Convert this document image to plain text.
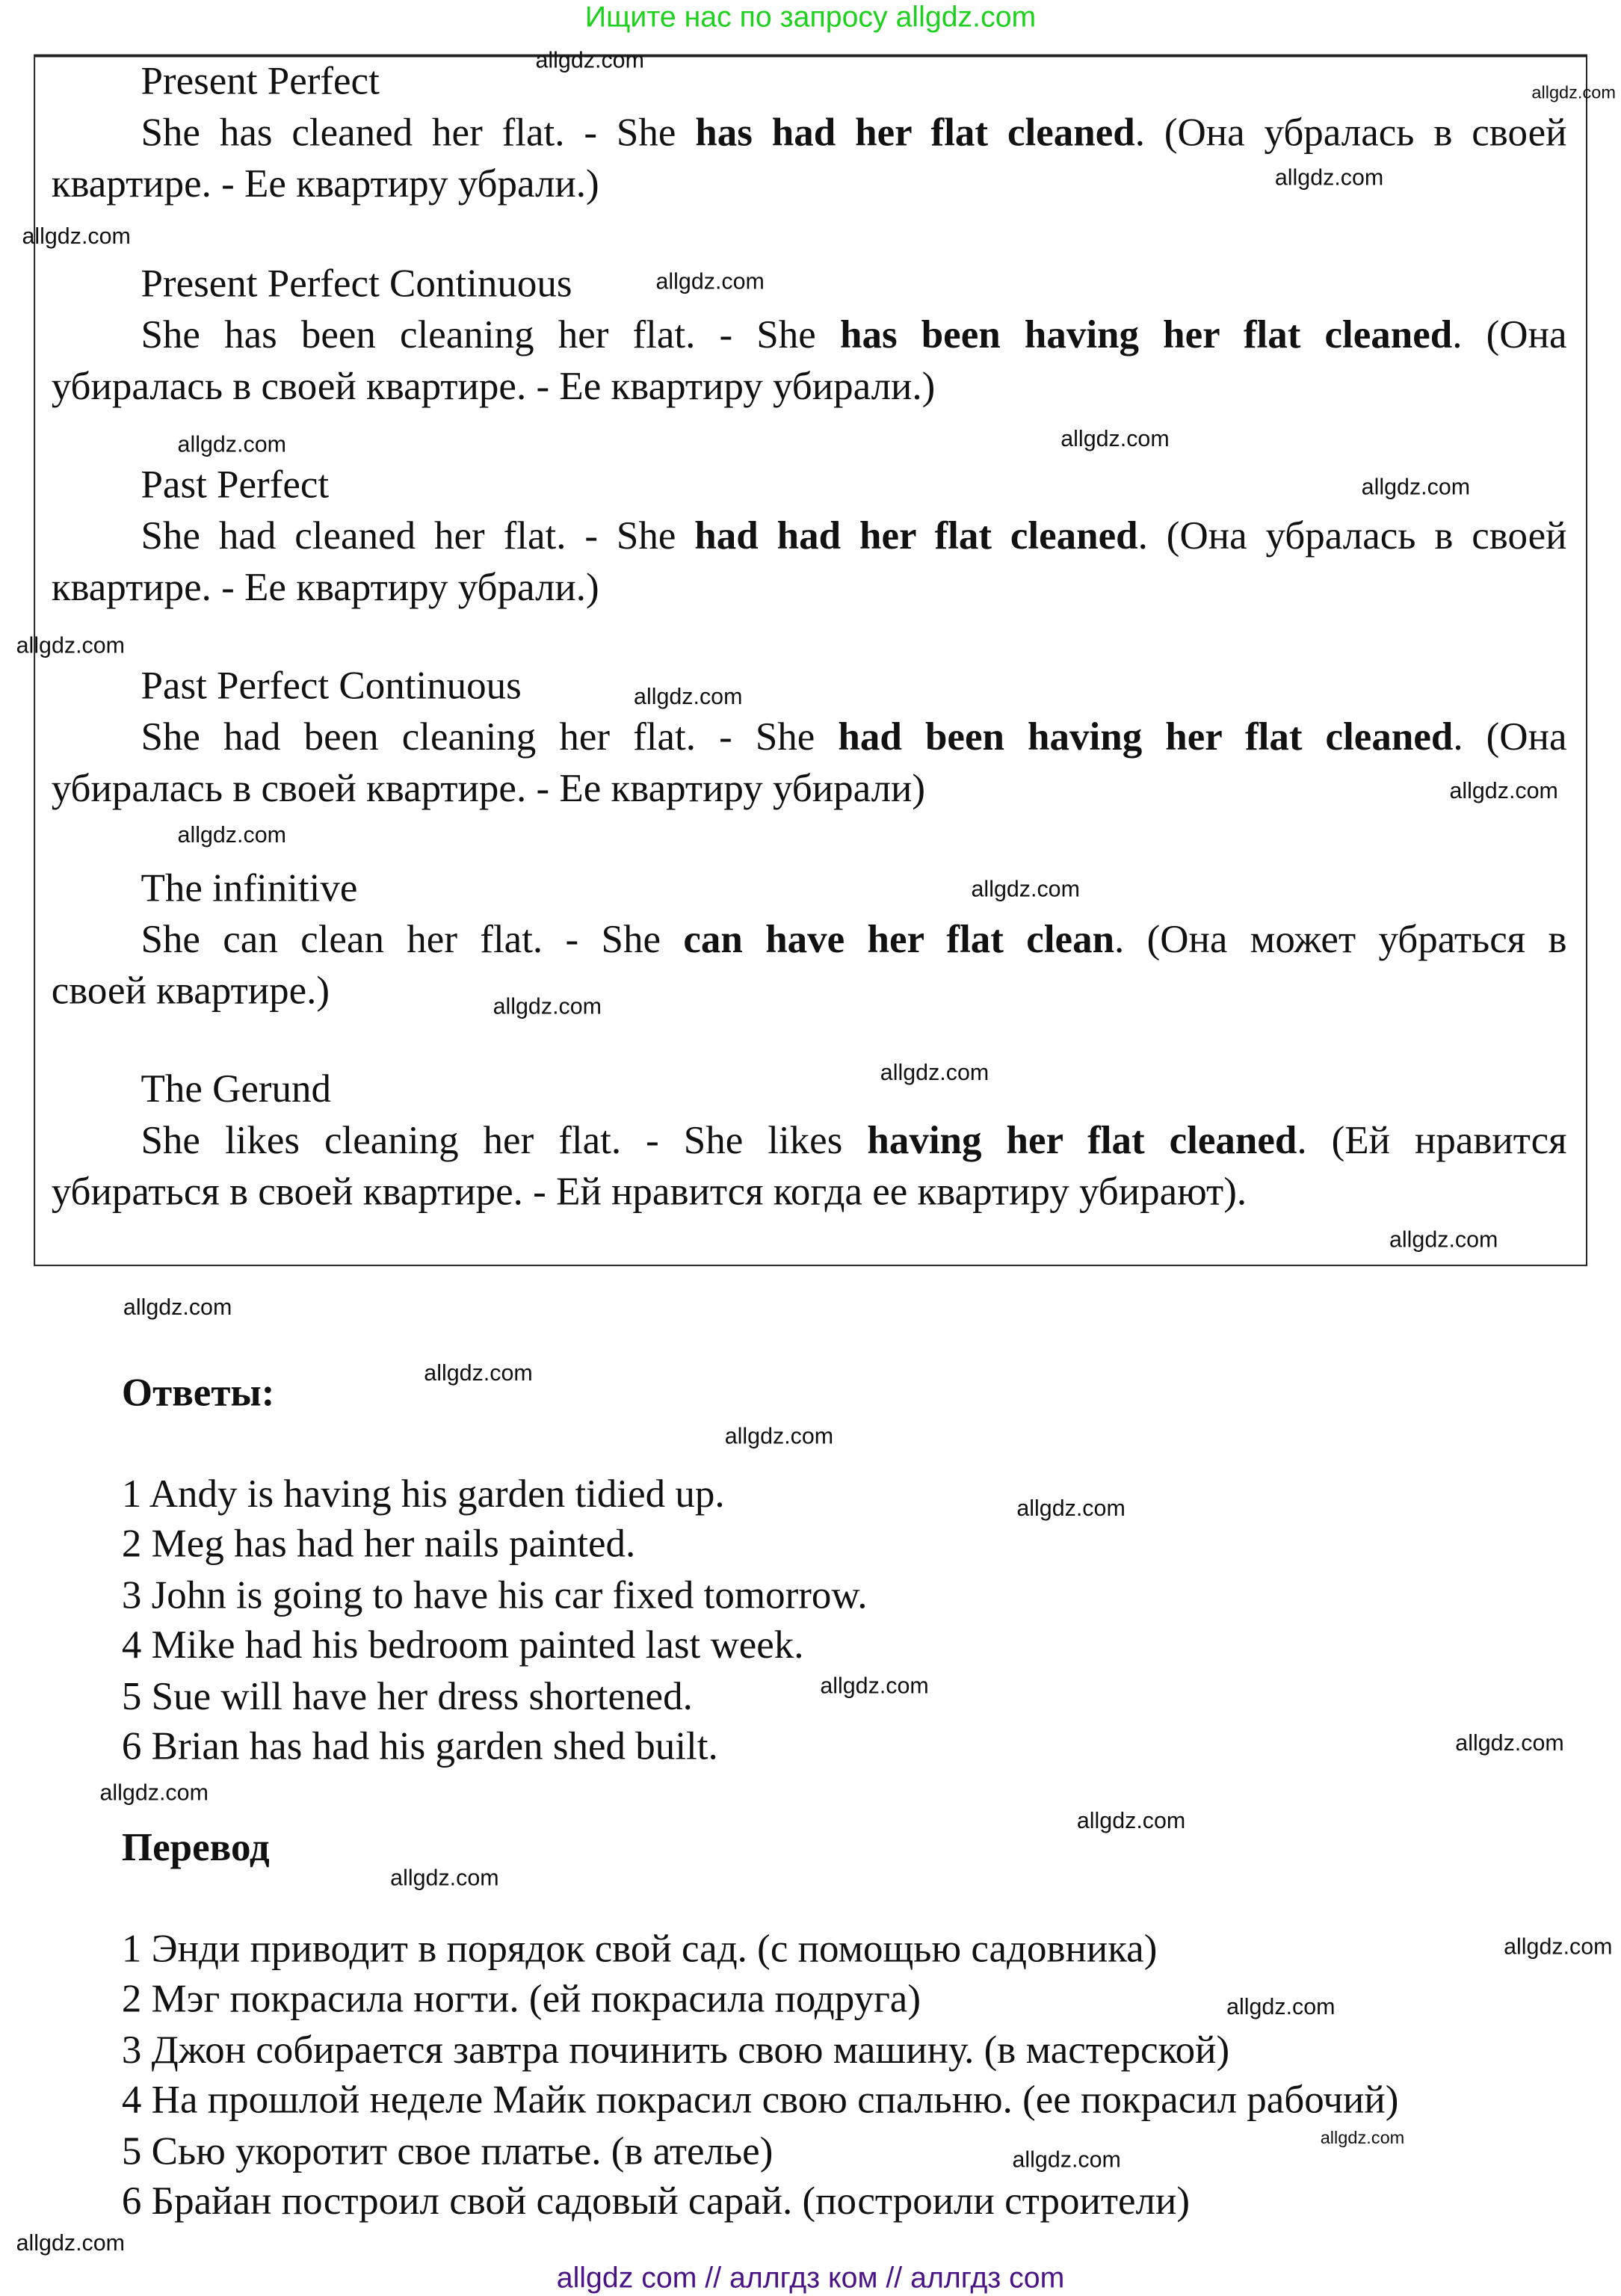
Ищите нас по запросу allgdz.com
Present Perfect
She has cleaned her flat. - She has had her flat cleaned. (Она убралась в своей
квартире. - Ее квартиру убрали.)
Present Perfect Continuous
She has been cleaning her flat. - She has been having her flat cleaned. (Она
убиралась в своей квартире. - Ее квартиру убирали.)
Past Perfect
She had cleaned her flat. - She had had her flat cleaned. (Она убралась в своей
квартире. - Ее квартиру убрали.)
Past Perfect Continuous
She had been cleaning her flat. - She had been having her flat cleaned. (Она
убиралась в своей квартире. - Ее квартиру убирали)
The infinitive
She can clean her flat. - She can have her flat clean. (Она может убраться в
своей квартире.)
The Gerund
She likes cleaning her flat. - She likes having her flat cleaned. (Ей нравится
убираться в своей квартире. - Ей нравится когда ее квартиру убирают).
Ответы:
1 Andy is having his garden tidied up.
2 Meg has had her nails painted.
3 John is going to have his car fixed tomorrow.
4 Mike had his bedroom painted last week.
5 Sue will have her dress shortened.
6 Brian has had his garden shed built.
Перевод
1 Энди приводит в порядок свой сад. (с помощью садовника)
2 Мэг покрасила ногти. (ей покрасила подруга)
3 Джон собирается завтра починить свою машину. (в мастерской)
4 На прошлой неделе Майк покрасил свою спальню. (ее покрасил рабочий)
5 Сью укоротит свое платье. (в ателье)
6 Брайан построил свой садовый сарай. (построили строители)
allgdz.com
allgdz.com
allgdz.com
allgdz.com
allgdz.com
allgdz.com
allgdz.com
allgdz.com
allgdz.com
allgdz.com
allgdz.com
allgdz.com
allgdz.com
allgdz.com
allgdz.com
allgdz.com
allgdz.com
allgdz.com
allgdz.com
allgdz.com
allgdz.com
allgdz.com
allgdz.com
allgdz.com
allgdz.com
allgdz.com
allgdz.com
allgdz.com
allgdz.com
allgdz.com
allgdz com // аллгдз ком // аллгдз com
